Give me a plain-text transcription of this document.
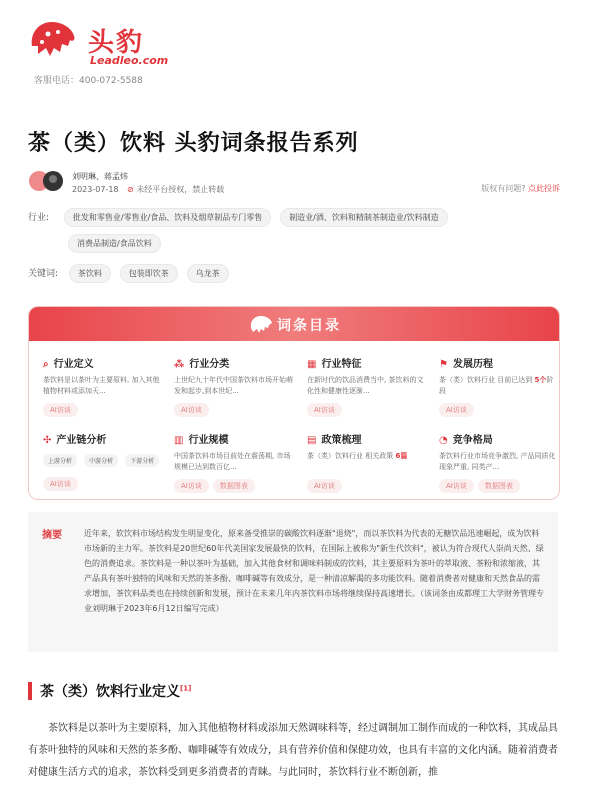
头豹
Leadleo.com
客服电话：400-072-5588
茶（类）饮料 头豹词条报告系列
刘明琳、蒋孟炜
2023-07-18 ⊘ 未经平台授权，禁止转载	版权有问题? 点此投诉
行业:	批发和零售业/零售业/食品、饮料及烟草制品专门零售	制造业/酒、饮料和精制茶制造业/饮料制造
消费品制造/食品饮料
关键词: 茶饮料	包装即饮茶	乌龙茶
词条目录
⌕ 行业定义
茶饮料是以茶叶为主要原料, 加入其他植物材料或添加天...
AI访谈
⁂ 行业分类
上世纪九十年代中国茶饮料市场开始萌发和起步,到本世纪...
AI访谈
▦ 行业特征
在新时代的饮品消费当中, 茶饮料的文化性和健康性逐渐...
AI访谈
⚑ 发展历程
茶（类）饮料行业 目前已达到 5个阶段
AI访谈
✣ 产业链分析
上游分析	中游分析	下游分析
AI访谈
▥ 行业规模
中国茶饮料市场目前处在震荡期, 市场规模已达到数百亿...
AI访谈	数据图表
▤ 政策梳理
茶（类）饮料行业 相关政策 6篇
AI访谈
◔ 竞争格局
茶饮料行业市场竞争激烈, 产品同质化现象严重, 同类产...
AI访谈	数据图表
摘要	近年来，软饮料市场结构发生明显变化，原来备受推崇的碳酸饮料逐渐"退烧"，而以茶饮料为代表的无糖饮品迅速崛起，成为饮料市场新的主力军。茶饮料是20世纪60年代美国家发展最快的饮料，在国际上被称为"新生代饮料"，被认为符合现代人崇尚天然、绿色的消费追求。茶饮料是一种以茶叶为基础，加入其他食材和调味料制成的饮料，其主要原料为茶叶的萃取液、茶粉和浓缩液，其产品具有茶叶独特的风味和天然的茶多酚、咖啡碱等有效成分，是一种清凉解渴的多功能饮料。随着消费者对健康和天然食品的需求增加，茶饮料品类也在持续创新和发展，预计在未来几年内茶饮料市场将继续保持高速增长。（该词条由成都理工大学财务管理专业刘明琳于2023年6月12日编写完成）
茶（类）饮料行业定义[1]
茶饮料是以茶叶为主要原料，加入其他植物材料或添加天然调味料等，经过调制加工制作而成的一种饮料，其成品具有茶叶独特的风味和天然的茶多酚、咖啡碱等有效成分，具有营养价值和保健功效，也具有丰富的文化内涵。随着消费者对健康生活方式的追求，茶饮料受到更多消费者的青睐。与此同时，茶饮料行业不断创新，推
